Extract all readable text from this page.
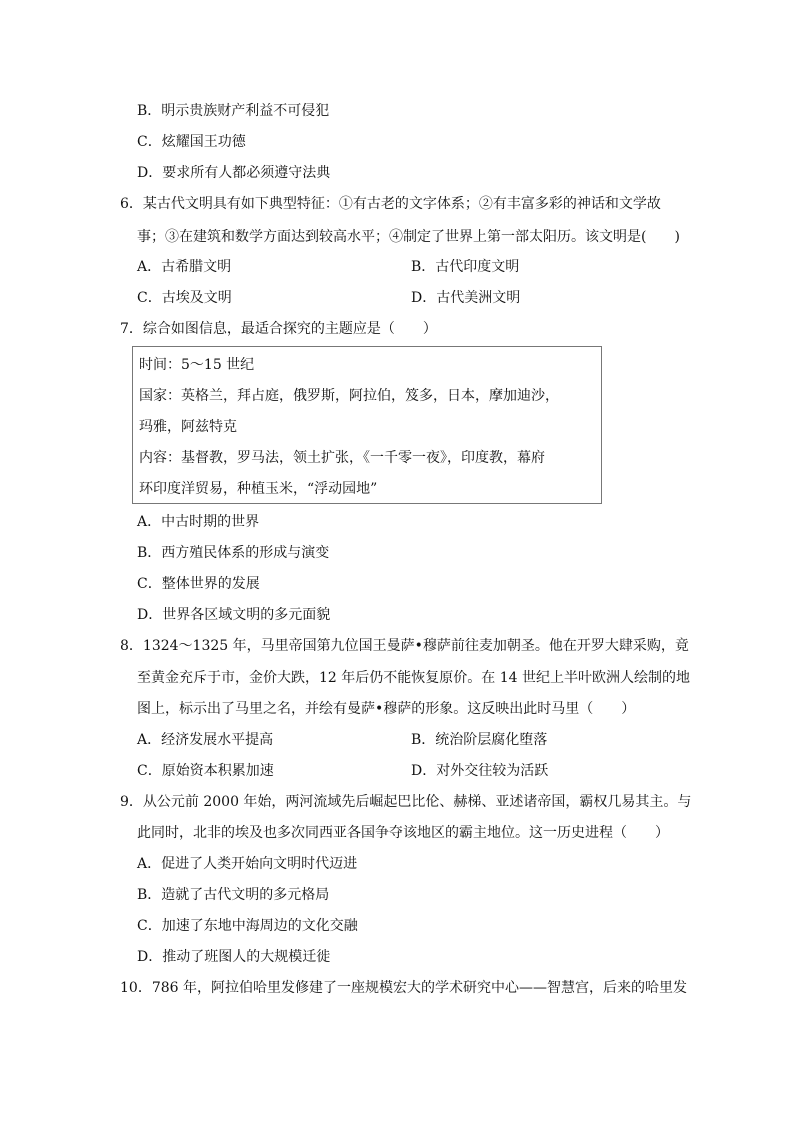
B．明示贵族财产利益不可侵犯
C．炫耀国王功德
D．要求所有人都必须遵守法典
6．某古代文明具有如下典型特征：①有古老的文字体系；②有丰富多彩的神话和文学故
事；③在建筑和数学方面达到较高水平；④制定了世界上第一部太阳历。该文明是(　　)
A．古希腊文明	B．古代印度文明
C．古埃及文明	D．古代美洲文明
7．综合如图信息，最适合探究的主题应是（　　）
时间：5～15 世纪
国家：英格兰，拜占庭，俄罗斯，阿拉伯，笈多，日本，摩加迪沙，
玛雅，阿兹特克
内容：基督教，罗马法，领土扩张，《一千零一夜》，印度教，幕府
环印度洋贸易，种植玉米，“浮动园地”
A．中古时期的世界
B．西方殖民体系的形成与演变
C．整体世界的发展
D．世界各区域文明的多元面貌
8．1324～1325 年，马里帝国第九位国王曼萨•穆萨前往麦加朝圣。他在开罗大肆采购，竟
至黄金充斥于市，金价大跌，12 年后仍不能恢复原价。在 14 世纪上半叶欧洲人绘制的地
图上，标示出了马里之名，并绘有曼萨•穆萨的形象。这反映出此时马里（　　）
A．经济发展水平提高	B．统治阶层腐化堕落
C．原始资本积累加速	D．对外交往较为活跃
9．从公元前 2000 年始，两河流域先后崛起巴比伦、赫梯、亚述诸帝国，霸权几易其主。与
此同时，北非的埃及也多次同西亚各国争夺该地区的霸主地位。这一历史进程（　　）
A．促进了人类开始向文明时代迈进
B．造就了古代文明的多元格局
C．加速了东地中海周边的文化交融
D．推动了班图人的大规模迁徙
10．786 年，阿拉伯哈里发修建了一座规模宏大的学术研究中心——智慧宫，后来的哈里发
